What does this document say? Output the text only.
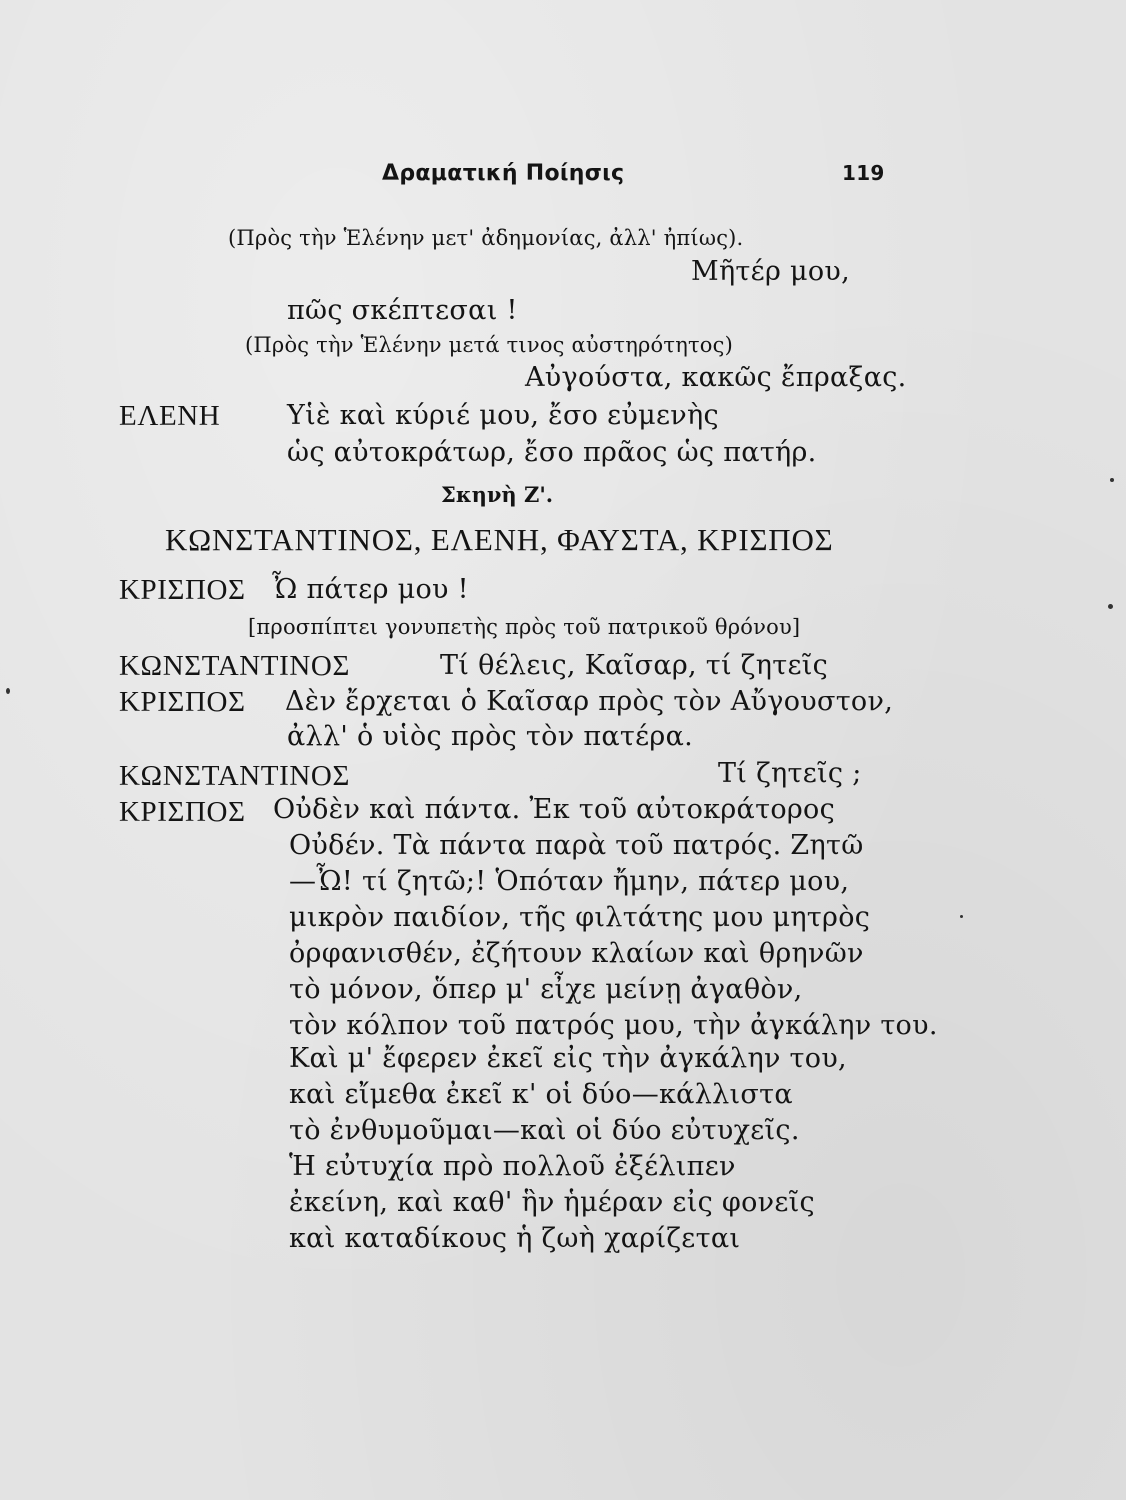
Δραματική Ποίησις	119
(Πρὸς τὴν Ἑλένην μετ' ἀδημονίας, ἀλλ' ἠπίως).
Μῆτέρ μου,
πῶς σκέπτεσαι !
(Πρὸς τὴν Ἑλένην μετά τινος αὐστηρότητος)
Αὐγούστα, κακῶς ἔπραξας.
ΕΛΕΝΗ Υἱὲ καὶ κύριέ μου, ἔσο εὐμενὴς
ὡς αὐτοκράτωρ, ἔσο πρᾶος ὡς πατήρ.
Σκηνὴ Ζ'.
ΚΩΝΣΤΑΝΤΙΝΟΣ, ΕΛΕΝΗ, ΦΑΥΣΤΑ, ΚΡΙΣΠΟΣ
ΚΡΙΣΠΟΣ Ὦ πάτερ μου !
[προσπίπτει γονυπετὴς πρὸς τοῦ πατρικοῦ θρόνου]
ΚΩΝΣΤΑΝΤΙΝΟΣ	Τί θέλεις, Καῖσαρ, τί ζητεῖς
ΚΡΙΣΠΟΣ Δὲν ἔρχεται ὁ Καῖσαρ πρὸς τὸν Αὔγουστον,
ἀλλ' ὁ υἱὸς πρὸς τὸν πατέρα.
ΚΩΝΣΤΑΝΤΙΝΟΣ	Τί ζητεῖς ;
ΚΡΙΣΠΟΣ Οὐδὲν καὶ πάντα. Ἐκ τοῦ αὐτοκράτορος
Οὐδέν. Τὰ πάντα παρὰ τοῦ πατρός. Ζητῶ
—Ὦ! τί ζητῶ;! Ὁπόταν ἤμην, πάτερ μου,
μικρὸν παιδίον, τῆς φιλτάτης μου μητρὸς
ὀρφανισθέν, ἐζήτουν κλαίων καὶ θρηνῶν
τὸ μόνον, ὅπερ μ' εἶχε μείνῃ ἀγαθὸν,
τὸν κόλπον τοῦ πατρός μου, τὴν ἀγκάλην του.
Καὶ μ' ἔφερεν ἐκεῖ εἰς τὴν ἀγκάλην του,
καὶ εἴμεθα ἐκεῖ κ' οἱ δύο—κάλλιστα
τὸ ἐνθυμοῦμαι—καὶ οἱ δύο εὐτυχεῖς.
Ἡ εὐτυχία πρὸ πολλοῦ ἐξέλιπεν
ἐκείνη, καὶ καθ' ἣν ἡμέραν εἰς φονεῖς
καὶ καταδίκους ἡ ζωὴ χαρίζεται
